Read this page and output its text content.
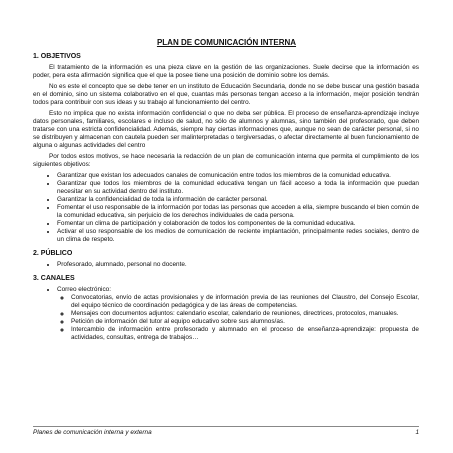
PLAN DE COMUNICACIÓN INTERNA
1. OBJETIVOS

El tratamiento de la información es una pieza clave en la gestión de las organizaciones. Suele decirse que la información es poder, pera esta afirmación significa que el que la posee tiene una posición de dominio sobre los demás.

No es este el concepto que se debe tener en un instituto de Educación Secundaria, donde no se debe buscar una gestión basada en el dominio, sino un sistema colaborativo en el que, cuantas más personas tengan acceso a la información, mejor posición tendrán todos para contribuir con sus ideas y su trabajo al funcionamiento del centro.

Esto no implica que no exista información confidencial o que no deba ser pública. El proceso de enseñanza-aprendizaje incluye datos personales, familiares, escolares e incluso de salud, no sólo de alumnos y alumnas, sino también del profesorado, que deben tratarse con una estricta confidencialidad. Además, siempre hay ciertas informaciones que, aunque no sean de carácter personal, si no se distribuyen y almacenan con cautela pueden ser malinterpretadas o tergiversadas, o afectar directamente al buen funcionamiento de alguna o algunas actividades del centro

Por todos estos motivos, se hace necesaria la redacción de un plan de comunicación interna que permita el cumplimiento de los siguientes objetivos:

• Garantizar que existan los adecuados canales de comunicación entre todos los miembros de la comunidad educativa.
• Garantizar que todos los miembros de la comunidad educativa tengan un fácil acceso a toda la información que puedan necesitar en su actividad dentro del instituto.
• Garantizar la confidencialidad de toda la información de carácter personal.
• Fomentar el uso responsable de la información por todas las personas que acceden a ella, siempre buscando el bien común de la comunidad educativa, sin perjuicio de los derechos individuales de cada persona.
• Fomentar un clima de participación y colaboración de todos los componentes de la comunidad educativa.
• Activar el uso responsable de los medios de comunicación de reciente implantación, principalmente redes sociales, dentro de un clima de respeto.
2. PÚBLICO
• Profesorado, alumnado, personal no docente.
3. CANALES
• Correo electrónico:
◦ Convocatorias, envío de actas provisionales y de información previa de las reuniones del Claustro, del Consejo Escolar, del equipo técnico de coordinación pedagógica y de las áreas de competencias.
◦ Mensajes con documentos adjuntos: calendario escolar, calendario de reuniones, directrices, protocolos, manuales.
◦ Petición de información del tutor al equipo educativo sobre sus alumnos/as.
◦ Intercambio de información entre profesorado y alumnado en el proceso de enseñanza-aprendizaje: propuesta de actividades, consultas, entrega de trabajos…
Planes de comunicación interna y externa	1
